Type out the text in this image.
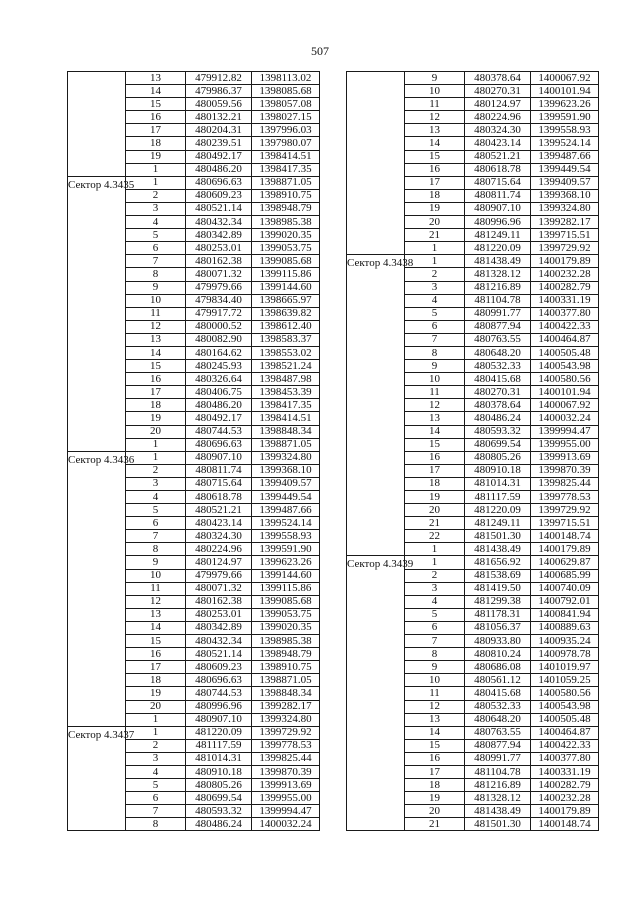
507
	13	479912.82	1398113.02
	14	479986.37	1398085.68
	15	480059.56	1398057.08
	16	480132.21	1398027.15
	17	480204.31	1397996.03
	18	480239.51	1397980.07
	19	480492.17	1398414.51
	1	480486.20	1398417.35
Сектор 4.3435	1	480696.63	1398871.05
	2	480609.23	1398910.75
	3	480521.14	1398948.79
	4	480432.34	1398985.38
	5	480342.89	1399020.35
	6	480253.01	1399053.75
	7	480162.38	1399085.68
	8	480071.32	1399115.86
	9	479979.66	1399144.60
	10	479834.40	1398665.97
	11	479917.72	1398639.82
	12	480000.52	1398612.40
	13	480082.90	1398583.37
	14	480164.62	1398553.02
	15	480245.93	1398521.24
	16	480326.64	1398487.98
	17	480406.75	1398453.39
	18	480486.20	1398417.35
	19	480492.17	1398414.51
	20	480744.53	1398848.34
	1	480696.63	1398871.05
Сектор 4.3436	1	480907.10	1399324.80
	2	480811.74	1399368.10
	3	480715.64	1399409.57
	4	480618.78	1399449.54
	5	480521.21	1399487.66
	6	480423.14	1399524.14
	7	480324.30	1399558.93
	8	480224.96	1399591.90
	9	480124.97	1399623.26
	10	479979.66	1399144.60
	11	480071.32	1399115.86
	12	480162.38	1399085.68
	13	480253.01	1399053.75
	14	480342.89	1399020.35
	15	480432.34	1398985.38
	16	480521.14	1398948.79
	17	480609.23	1398910.75
	18	480696.63	1398871.05
	19	480744.53	1398848.34
	20	480996.96	1399282.17
	1	480907.10	1399324.80
Сектор 4.3437	1	481220.09	1399729.92
	2	481117.59	1399778.53
	3	481014.31	1399825.44
	4	480910.18	1399870.39
	5	480805.26	1399913.69
	6	480699.54	1399955.00
	7	480593.32	1399994.47
	8	480486.24	1400032.24
	9	480378.64	1400067.92
	10	480270.31	1400101.94
	11	480124.97	1399623.26
	12	480224.96	1399591.90
	13	480324.30	1399558.93
	14	480423.14	1399524.14
	15	480521.21	1399487.66
	16	480618.78	1399449.54
	17	480715.64	1399409.57
	18	480811.74	1399368.10
	19	480907.10	1399324.80
	20	480996.96	1399282.17
	21	481249.11	1399715.51
	1	481220.09	1399729.92
Сектор 4.3438	1	481438.49	1400179.89
	2	481328.12	1400232.28
	3	481216.89	1400282.79
	4	481104.78	1400331.19
	5	480991.77	1400377.80
	6	480877.94	1400422.33
	7	480763.55	1400464.87
	8	480648.20	1400505.48
	9	480532.33	1400543.98
	10	480415.68	1400580.56
	11	480270.31	1400101.94
	12	480378.64	1400067.92
	13	480486.24	1400032.24
	14	480593.32	1399994.47
	15	480699.54	1399955.00
	16	480805.26	1399913.69
	17	480910.18	1399870.39
	18	481014.31	1399825.44
	19	481117.59	1399778.53
	20	481220.09	1399729.92
	21	481249.11	1399715.51
	22	481501.30	1400148.74
	1	481438.49	1400179.89
Сектор 4.3439	1	481656.92	1400629.87
	2	481538.69	1400685.99
	3	481419.50	1400740.09
	4	481299.38	1400792.01
	5	481178.31	1400841.94
	6	481056.37	1400889.63
	7	480933.80	1400935.24
	8	480810.24	1400978.78
	9	480686.08	1401019.97
	10	480561.12	1401059.25
	11	480415.68	1400580.56
	12	480532.33	1400543.98
	13	480648.20	1400505.48
	14	480763.55	1400464.87
	15	480877.94	1400422.33
	16	480991.77	1400377.80
	17	481104.78	1400331.19
	18	481216.89	1400282.79
	19	481328.12	1400232.28
	20	481438.49	1400179.89
	21	481501.30	1400148.74
